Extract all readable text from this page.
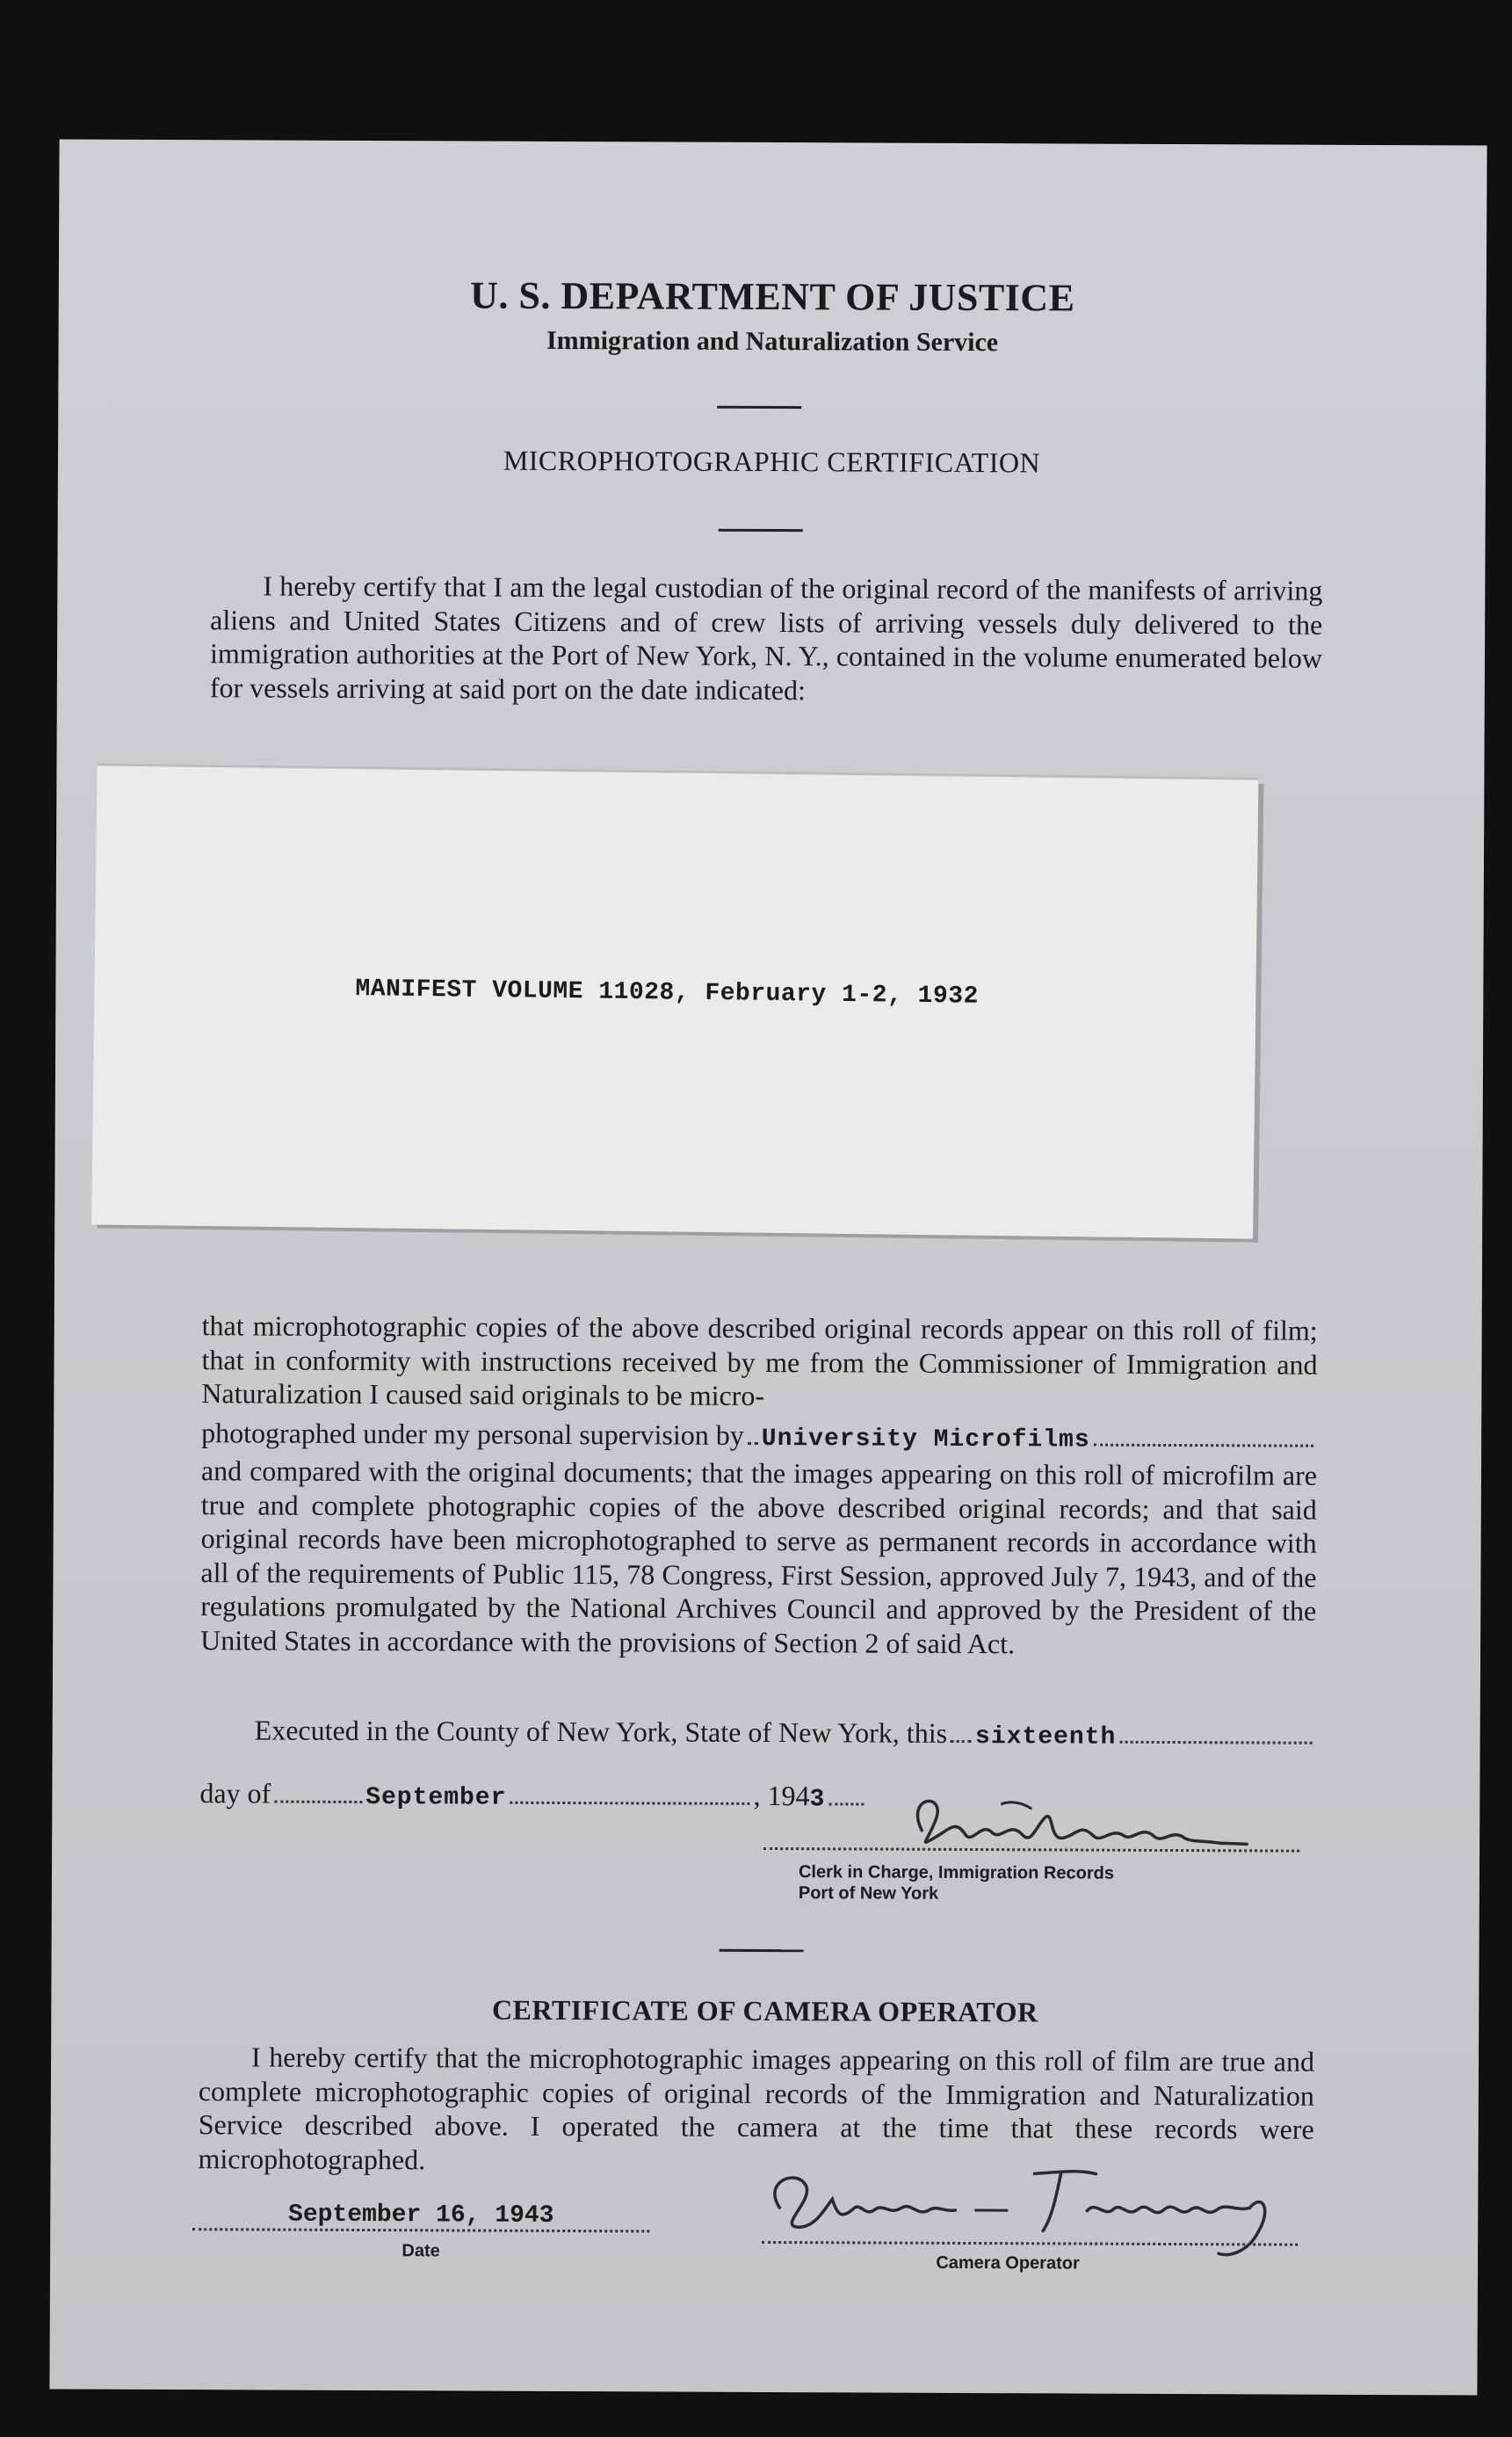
U. S. DEPARTMENT OF JUSTICE
Immigration and Naturalization Service
MICROPHOTOGRAPHIC CERTIFICATION
I hereby certify that I am the legal custodian of the original record of the manifests of arriving aliens and United States Citizens and of crew lists of arriving vessels duly delivered to the immigration authorities at the Port of New York, N. Y., contained in the volume enumerated below for vessels arriving at said port on the date indicated:
MANIFEST VOLUME 11028, February 1-2, 1932

that microphotographic copies of the above described original records appear on this roll of film; that in conformity with instructions received by me from the Commissioner of Immigration and Naturalization I caused said originals to be micro-

photographed under my personal supervision by University Microfilms

and compared with the original documents; that the images appearing on this roll of microfilm are true and complete photographic copies of the above described original records; and that said original records have been microphotographed to serve as permanent records in accordance with all of the requirements of Public 115, 78 Congress, First Session, approved July 7, 1943, and of the regulations promulgated by the National Archives Council and approved by the President of the United States in accordance with the provisions of Section 2 of said Act.

Executed in the County of New York, State of New York, this sixteenth
day of	September	, 194 3
Clerk in Charge, Immigration Records
Port of New York
CERTIFICATE OF CAMERA OPERATOR
I hereby certify that the microphotographic images appearing on this roll of film are true and complete microphotographic copies of original records of the Immigration and Naturalization Service described above. I operated the camera at the time that these records were microphotographed.
September 16, 1943
Date
Camera Operator
